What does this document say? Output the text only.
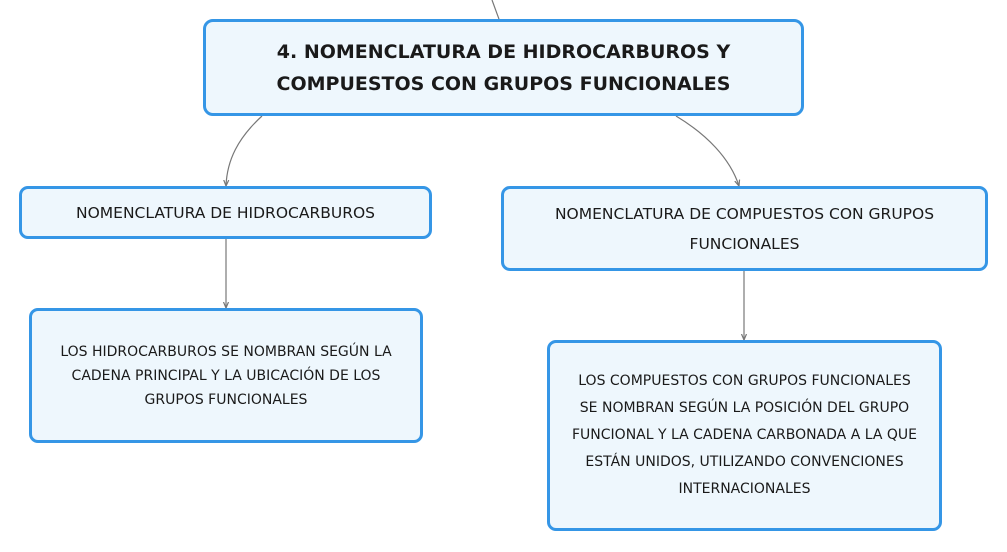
4. NOMENCLATURA DE HIDROCARBUROS Y COMPUESTOS CON GRUPOS FUNCIONALES
NOMENCLATURA DE HIDROCARBUROS	NOMENCLATURA DE COMPUESTOS CON GRUPOS FUNCIONALES
LOS HIDROCARBUROS SE NOMBRAN SEGÚN LA CADENA PRINCIPAL Y LA UBICACIÓN DE LOS GRUPOS FUNCIONALES
LOS COMPUESTOS CON GRUPOS FUNCIONALES SE NOMBRAN SEGÚN LA POSICIÓN DEL GRUPO FUNCIONAL Y LA CADENA CARBONADA A LA QUE ESTÁN UNIDOS, UTILIZANDO CONVENCIONES INTERNACIONALES
